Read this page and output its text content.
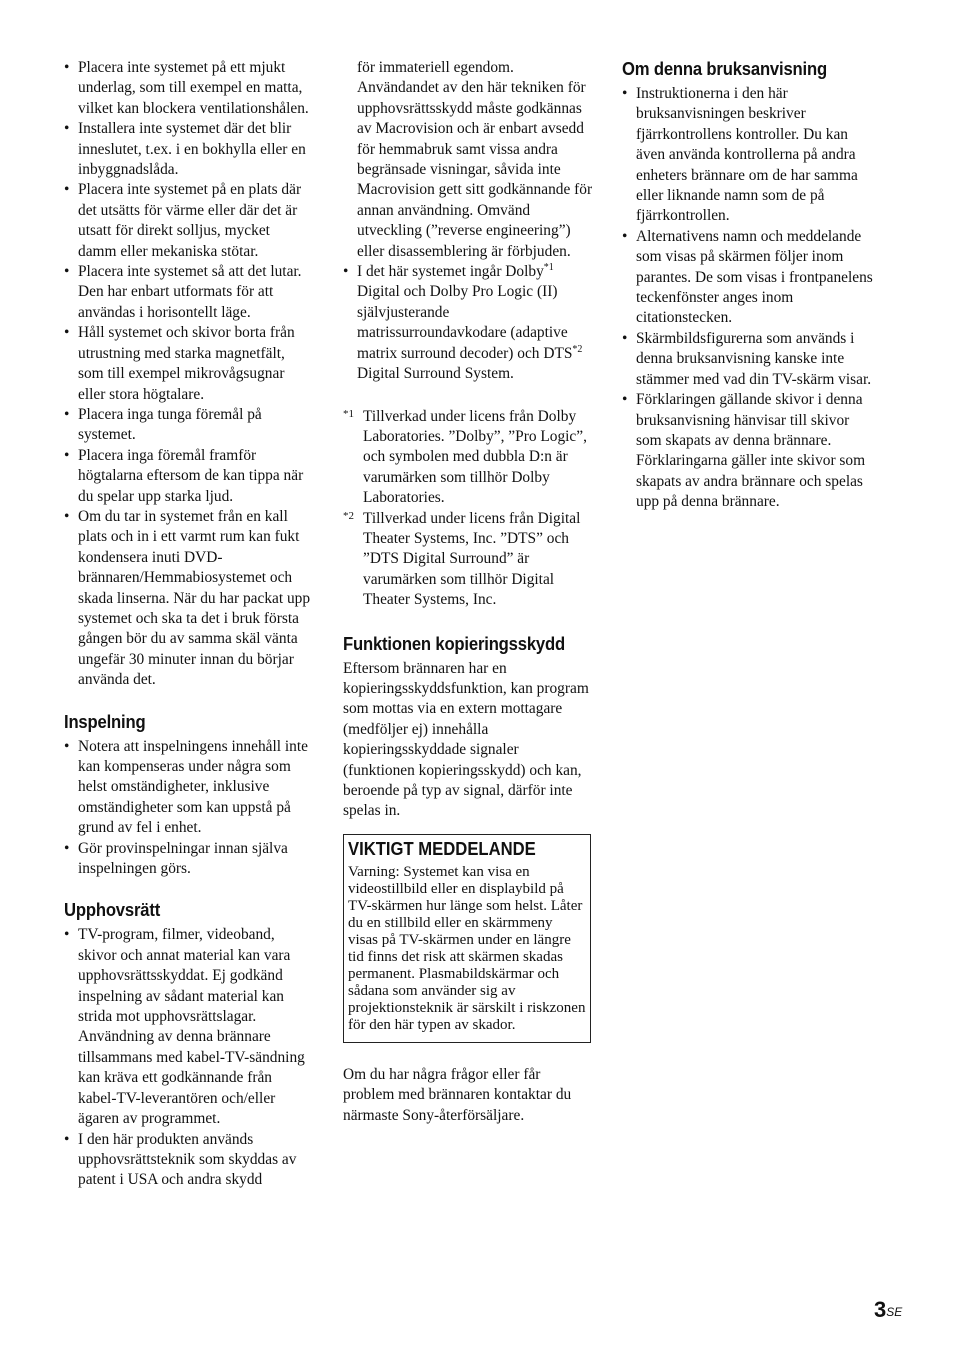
• Placera inte systemet på ett mjukt underlag, som till exempel en matta, vilket kan blockera ventilationshålen.
• Installera inte systemet där det blir inneslutet, t.ex. i en bokhylla eller en inbyggnadslåda.
• Placera inte systemet på en plats där det utsätts för värme eller där det är utsatt för direkt solljus, mycket damm eller mekaniska stötar.
• Placera inte systemet så att det lutar. Den har enbart utformats för att användas i horisontellt läge.
• Håll systemet och skivor borta från utrustning med starka magnetfält, som till exempel mikrovågsugnar eller stora högtalare.
• Placera inga tunga föremål på systemet.
• Placera inga föremål framför högtalarna eftersom de kan tippa när du spelar upp starka ljud.
• Om du tar in systemet från en kall plats och in i ett varmt rum kan fukt kondensera inuti DVD-brännaren/Hemmabiosystemet och skada linserna. När du har packat upp systemet och ska ta det i bruk första gången bör du av samma skäl vänta ungefär 30 minuter innan du börjar använda det.
Inspelning
• Notera att inspelningens innehåll inte kan kompenseras under några som helst omständigheter, inklusive omständigheter som kan uppstå på grund av fel i enhet.
• Gör provinspelningar innan själva inspelningen görs.
Upphovsrätt
• TV-program, filmer, videoband, skivor och annat material kan vara upphovsrättsskyddat. Ej godkänd inspelning av sådant material kan strida mot upphovsrättslagar. Användning av denna brännare tillsammans med kabel-TV-sändning kan kräva ett godkännande från kabel-TV-leverantören och/eller ägaren av programmet.
• I den här produkten används upphovsrättsteknik som skyddas av patent i USA och andra skydd

för immateriell egendom. Användandet av den här tekniken för upphovsrättsskydd måste godkännas av Macrovision och är enbart avsedd för hemmabruk samt vissa andra begränsade visningar, såvida inte Macrovision gett sitt godkännande för annan användning. Omvänd utveckling (”reverse engineering”) eller disassemblering är förbjuden.

• I det här systemet ingår Dolby$^{*1}$ Digital och Dolby Pro Logic (II) självjusterande matrissurroundavkodare (adaptive matrix surround decoder) och DTS$^{*2}$ Digital Surround System.
*1 Tillverkad under licens från Dolby Laboratories. ”Dolby”, ”Pro Logic”, och symbolen med dubbla D:n är varumärken som tillhör Dolby Laboratories.
*2 Tillverkad under licens från Digital Theater Systems, Inc. ”DTS” och ”DTS Digital Surround” är varumärken som tillhör Digital Theater Systems, Inc.
Funktionen kopieringsskydd

Eftersom brännaren har en kopieringsskyddsfunktion, kan program som mottas via en extern mottagare (medföljer ej) innehålla kopieringsskyddade signaler (funktionen kopieringsskydd) och kan, beroende på typ av signal, därför inte spelas in.

VIKTIGT MEDDELANDE

Varning: Systemet kan visa en videostillbild eller en displaybild på TV-skärmen hur länge som helst. Låter du en stillbild eller en skärmmeny visas på TV-skärmen under en längre tid finns det risk att skärmen skadas permanent. Plasmabildskärmar och sådana som använder sig av projektionsteknik är särskilt i riskzonen för den här typen av skador.

Om du har några frågor eller får problem med brännaren kontaktar du närmaste Sony-återförsäljare.

Om denna bruksanvisning
• Instruktionerna i den här bruksanvisningen beskriver fjärrkontrollens kontroller. Du kan även använda kontrollerna på andra enheters brännare om de har samma eller liknande namn som de på fjärrkontrollen.
• Alternativens namn och meddelande som visas på skärmen följer inom parantes. De som visas i frontpanelens teckenfönster anges inom citationstecken.
• Skärmbildsfigurerna som används i denna bruksanvisning kanske inte stämmer med vad din TV-skärm visar.
• Förklaringen gällande skivor i denna bruksanvisning hänvisar till skivor som skapats av denna brännare. Förklaringarna gäller inte skivor som skapats av andra brännare och spelas upp på denna brännare.
$3^{SE}$
